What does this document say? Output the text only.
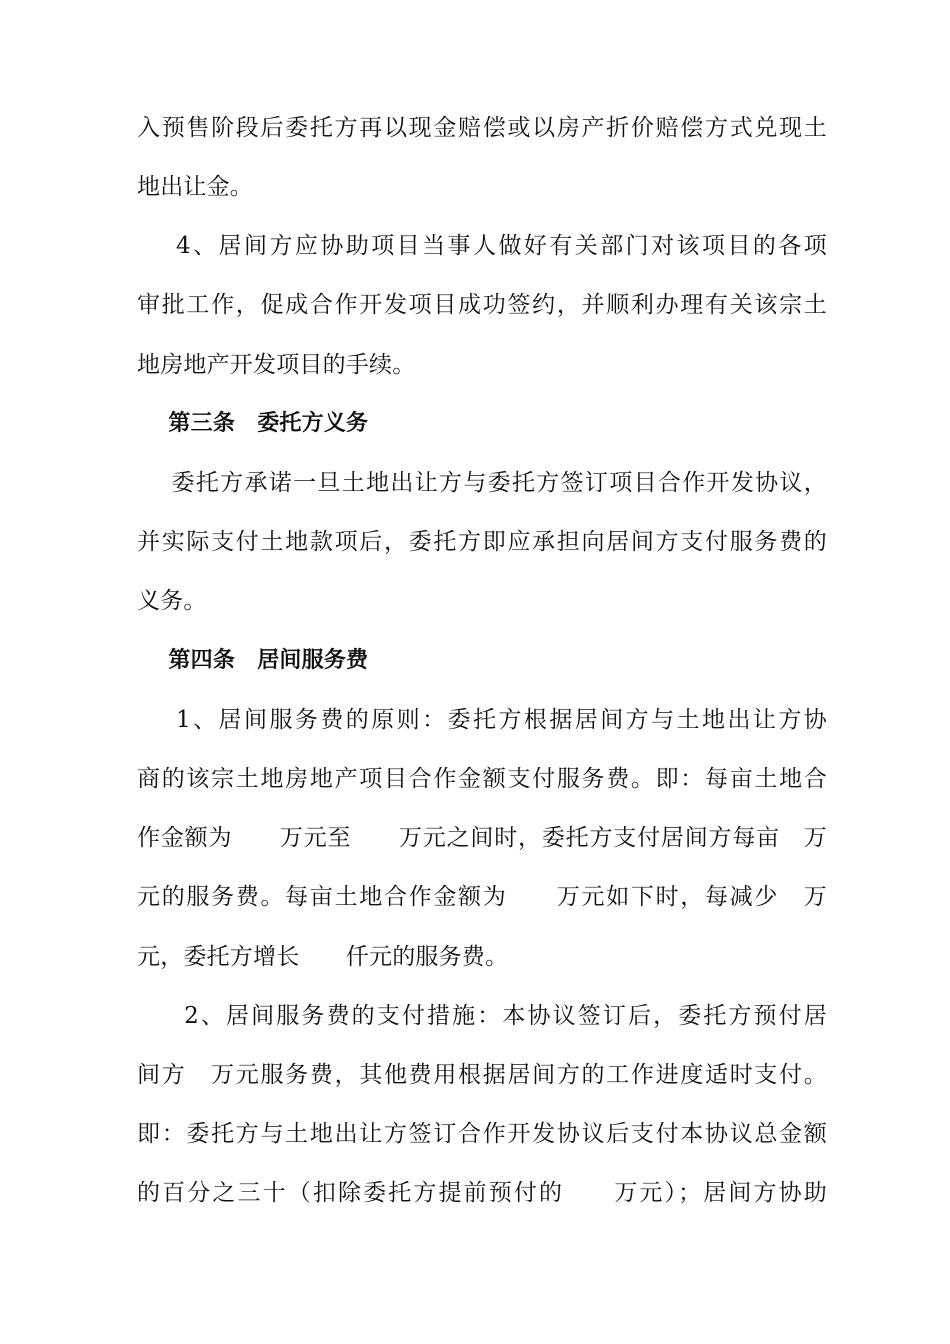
入预售阶段后委托方再以现金赔偿或以房产折价赔偿方式兑现土
地出让金。
4、居间方应协助项目当事人做好有关部门对该项目的各项
审批工作，促成合作开发项目成功签约，并顺利办理有关该宗土
地房地产开发项目的手续。
第三条　委托方义务
委托方承诺一旦土地出让方与委托方签订项目合作开发协议，
并实际支付土地款项后，委托方即应承担向居间方支付服务费的
义务。
第四条　居间服务费
1、居间服务费的原则：委托方根据居间方与土地出让方协
商的该宗土地房地产项目合作金额支付服务费。即：每亩土地合
作金额为　　万元至　　万元之间时，委托方支付居间方每亩　万
元的服务费。每亩土地合作金额为　　万元如下时，每减少　万
元，委托方增长　　仟元的服务费。
2、居间服务费的支付措施：本协议签订后，委托方预付居
间方　万元服务费，其他费用根据居间方的工作进度适时支付。
即：委托方与土地出让方签订合作开发协议后支付本协议总金额
的百分之三十（扣除委托方提前预付的　　万元）；居间方协助
